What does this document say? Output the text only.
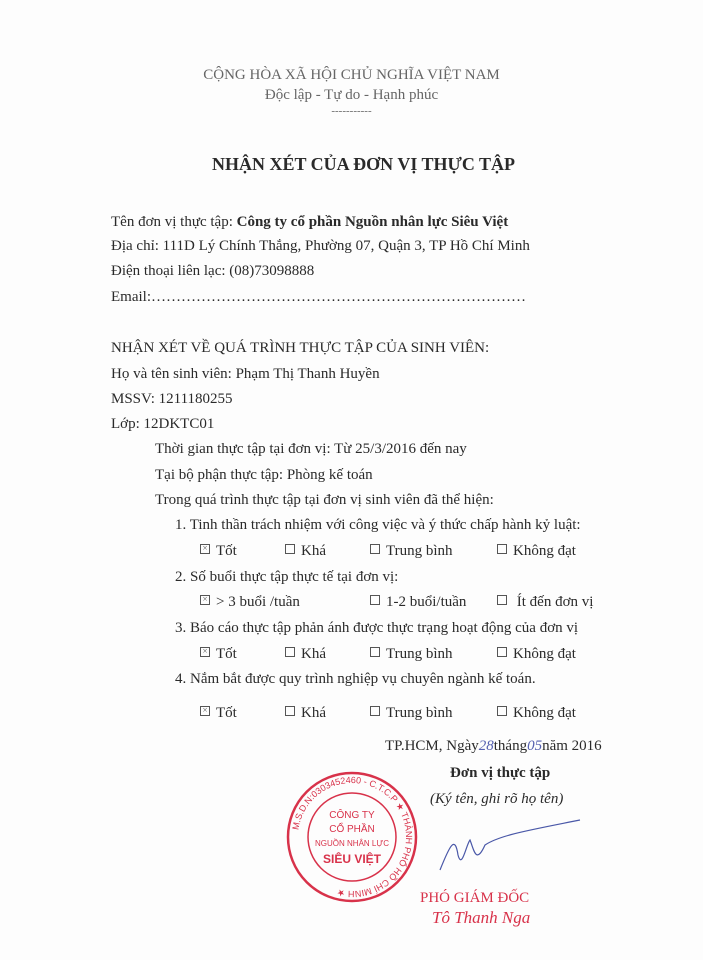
CỘNG HÒA XÃ HỘI CHỦ NGHĨA VIỆT NAM
Độc lập - Tự do - Hạnh phúc
-----------
NHẬN XÉT CỦA ĐƠN VỊ THỰC TẬP
Tên đơn vị thực tập: Công ty cổ phần Nguồn nhân lực Siêu Việt
Địa chỉ: 111D Lý Chính Thắng, Phường 07, Quận 3, TP Hồ Chí Minh
Điện thoại liên lạc: (08)73098888
Email:…………………………………………………………………
NHẬN XÉT VỀ QUÁ TRÌNH THỰC TẬP CỦA SINH VIÊN:
Họ và tên sinh viên: Phạm Thị Thanh Huyền
MSSV: 1211180255
Lớp: 12DKTC01
Thời gian thực tập tại đơn vị: Từ 25/3/2016 đến nay
Tại bộ phận thực tập: Phòng kế toán
Trong quá trình thực tập tại đơn vị sinh viên đã thể hiện:
1. Tinh thần trách nhiệm với công việc và ý thức chấp hành kỷ luật:
×Tốt	Khá	Trung bình	Không đạt
2. Số buổi thực tập thực tế tại đơn vị:
×> 3 buổi /tuần	1-2 buổi/tuần	Ít đến đơn vị
3. Báo cáo thực tập phản ánh được thực trạng hoạt động của đơn vị
×Tốt	Khá	Trung bình	Không đạt
4. Nắm bắt được quy trình nghiệp vụ chuyên ngành kế toán.
×Tốt	Khá	Trung bình	Không đạt
TP.HCM, Ngày28tháng05năm 2016
Đơn vị thực tập
(Ký tên, ghi rõ họ tên)
M.S.D.N:0303452460 - C.T.C.P ★ THÀNH PHỐ HỒ CHÍ MINH ★
CÔNG TY
CỔ PHẦN
NGUỒN NHÂN LỰC
SIÊU VIỆT
PHÓ GIÁM ĐỐC
Tô Thanh Nga
